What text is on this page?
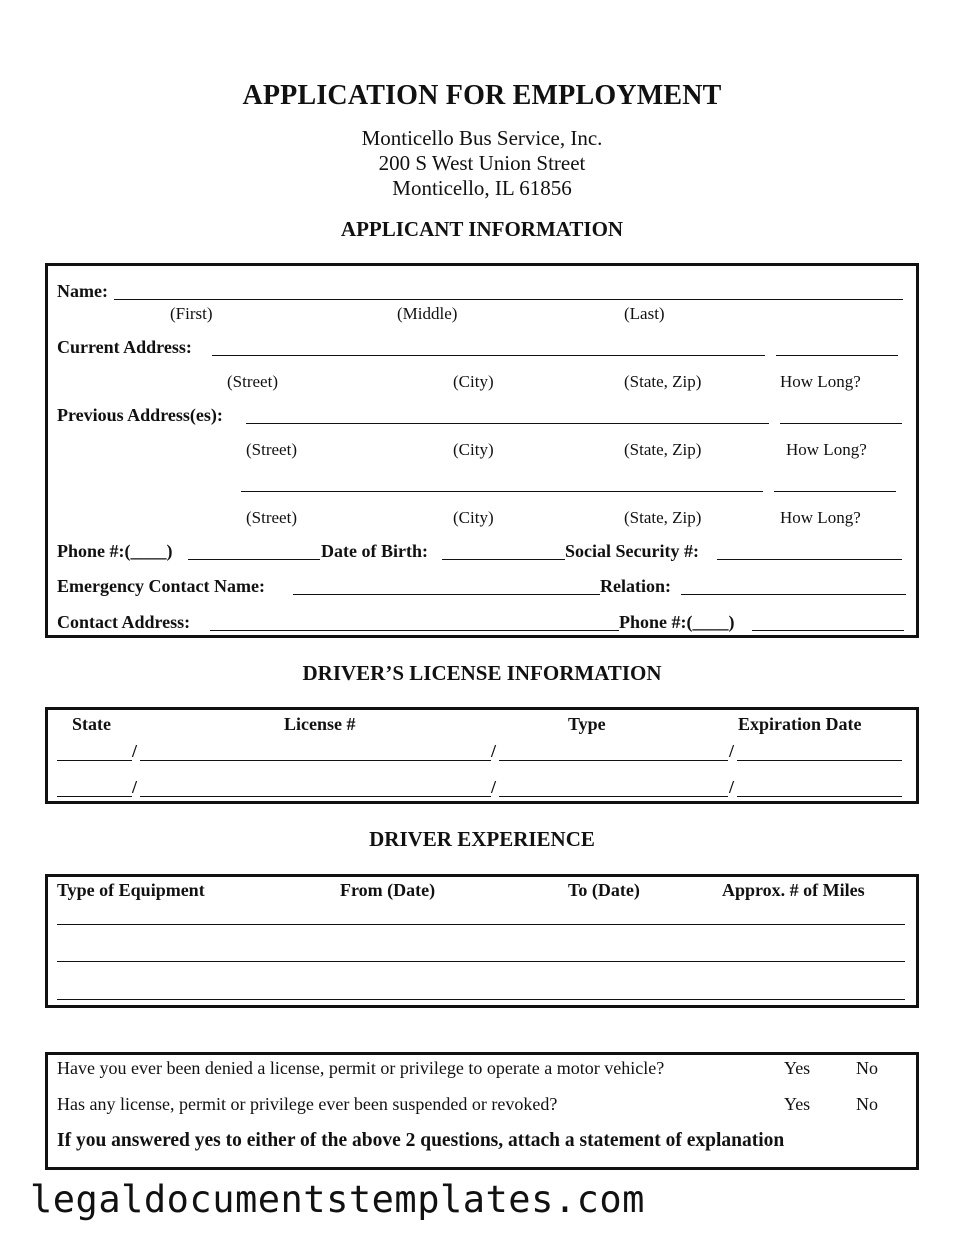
APPLICATION FOR EMPLOYMENT
Monticello Bus Service, Inc.
200 S West Union Street
Monticello, IL 61856
APPLICANT INFORMATION
Name:
(First)	(Middle)	(Last)
Current Address:
(Street)	(City)	(State, Zip)	How Long?
Previous Address(es):
(Street)	(City)	(State, Zip)	How Long?
(Street)	(City)	(State, Zip)	How Long?
Phone #:(____)	Date of Birth:	Social Security #:
Emergency Contact Name:	Relation:
Contact Address:	Phone #:(____)
DRIVER’S LICENSE INFORMATION
State	License #	Type	Expiration Date
/	/	/
/	/	/
DRIVER EXPERIENCE
Type of Equipment	From (Date)	To (Date)	Approx. # of Miles
Have you ever been denied a license, permit or privilege to operate a motor vehicle?	Yes	No
Has any license, permit or privilege ever been suspended or revoked?	Yes	No
If you answered yes to either of the above 2 questions, attach a statement of explanation
legaldocumentstemplates.com
